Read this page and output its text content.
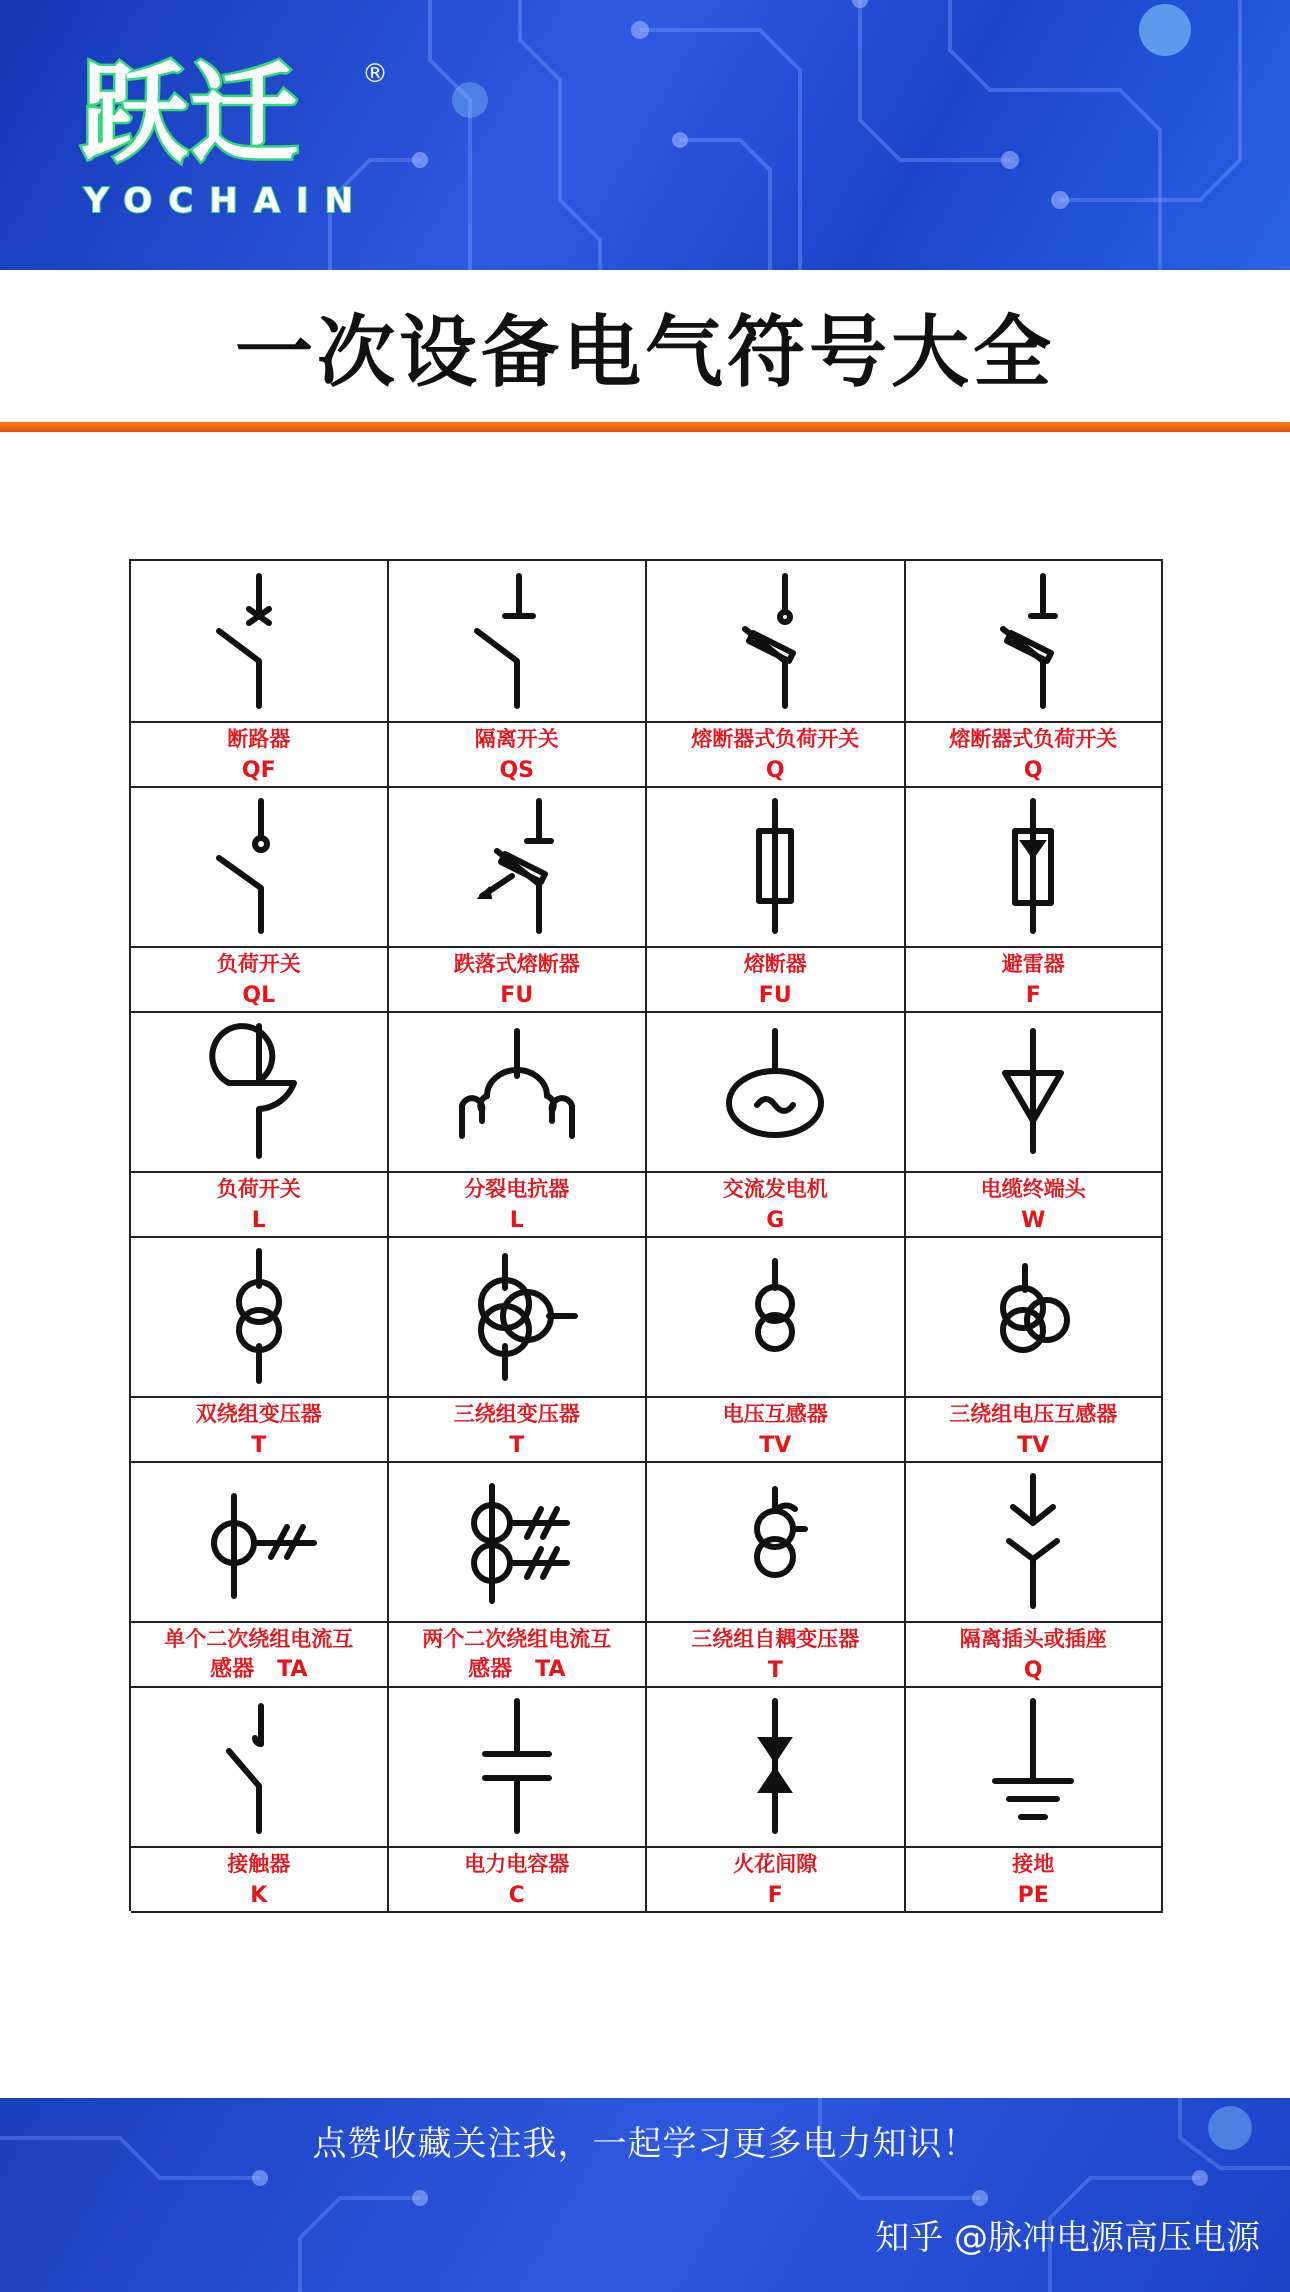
跃迁 ®
YOCHAIN
一次设备电气符号大全
断路器
QF
隔离开关
QS
熔断器式负荷开关
Q
熔断器式负荷开关
Q
负荷开关
QL
跌落式熔断器
FU
熔断器
FU
避雷器
F
负荷开关
L
分裂电抗器
L
交流发电机
G
电缆终端头
W
双绕组变压器
T
三绕组变压器
T
电压互感器
TV
三绕组电压互感器
TV
单个二次绕组电流互
感器 TA
两个二次绕组电流互
感器 TA
三绕组自耦变压器
T
隔离插头或插座
Q
接触器
K
电力电容器
C
火花间隙
F
接地
PE
点赞收藏关注我，一起学习更多电力知识！
知乎 @脉冲电源高压电源
